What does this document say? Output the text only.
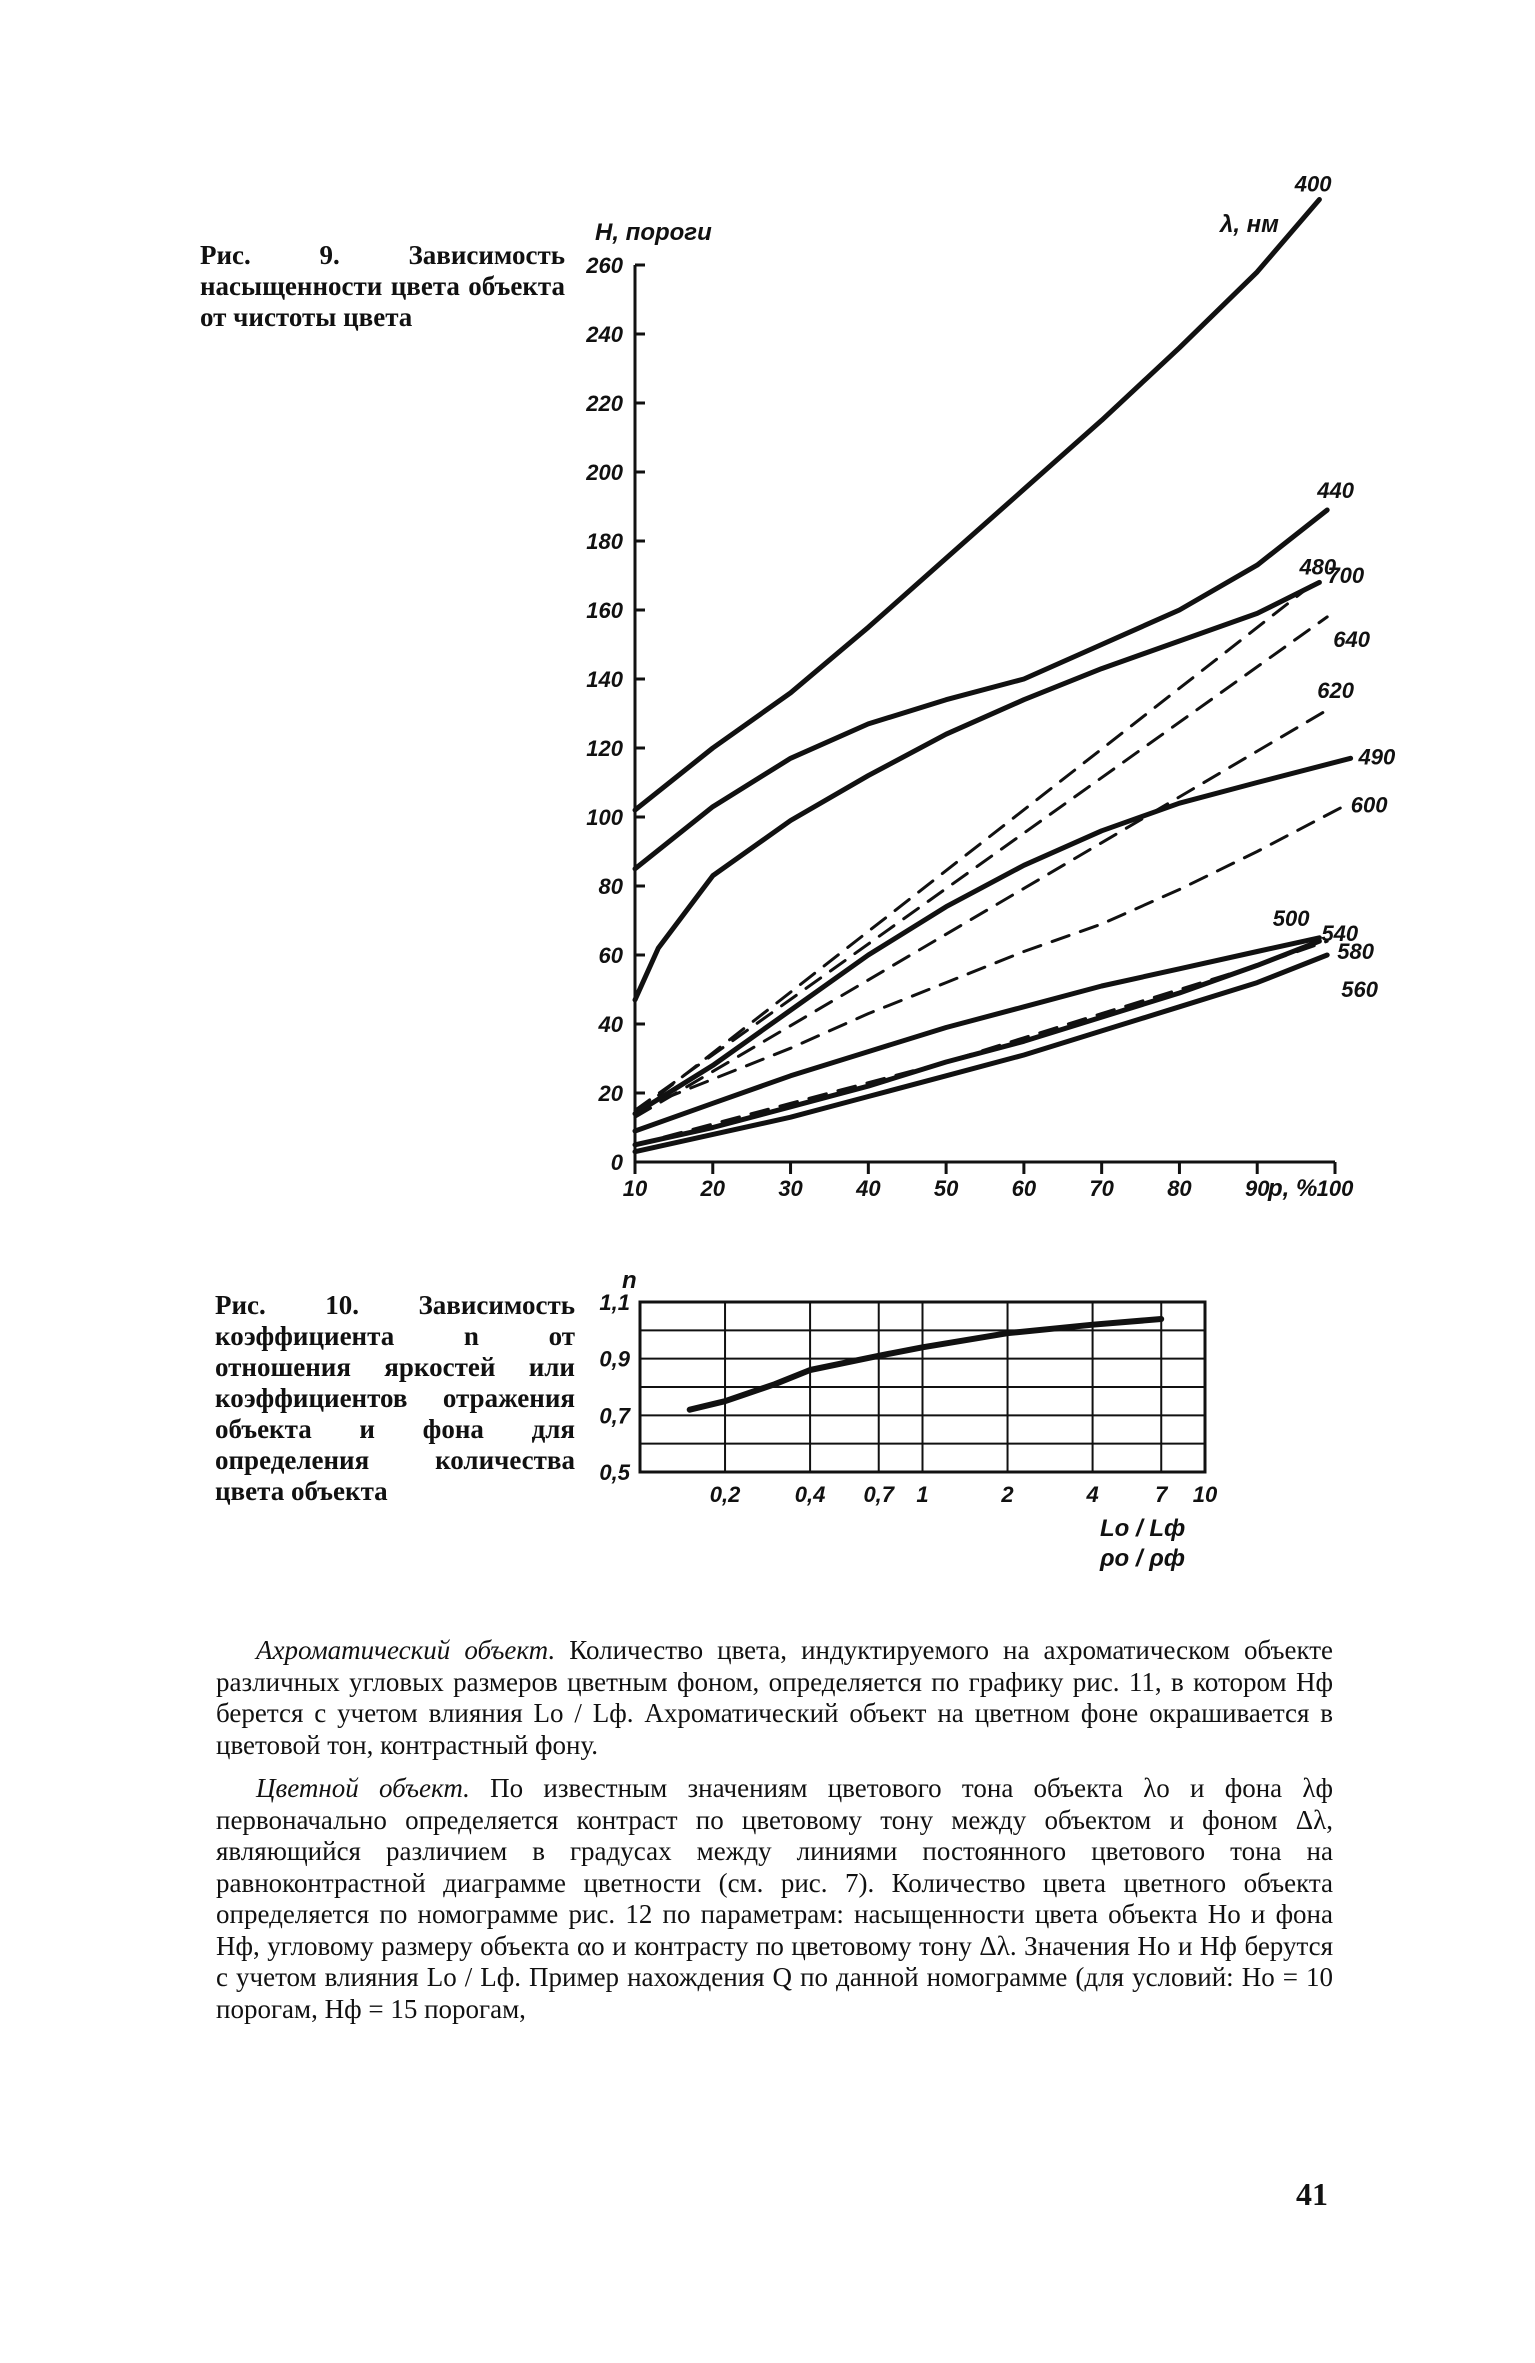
Рис. 9. Зависимость насыщенности цвета объекта от чистоты цвета
Рис. 10. Зависимость коэффициента n от отношения яркостей или коэффициентов отражения объекта и фона для определения количества цвета объекта
Н, пороги
р, %
λ, нм
0
20
40
60
80
100
120
140
160
180
200
220
240
260
10 20 30 40 50 60 70 80 90 100
400
440
480
700
640
620
490
600
500
540
580
560
n
Lо / Lф
ρо / ρф
0,2 0,4 0,7 1	2	4	7 10
1,1
0,9
0,7
0,5

Ахроматический объект. Количество цвета, индуктируемого на ахроматическом объекте различных угловых размеров цветным фоном, определяется по графику рис. 11, в котором Нф берется с учетом влияния Lо / Lф. Ахроматический объект на цветном фоне окрашивается в цветовой тон, контрастный фону.

Цветной объект. По известным значениям цветового тона объекта λо и фона λф первоначально определяется контраст по цветовому тону между объектом и фоном Δλ, являющийся различием в градусах между линиями постоянного цветового тона на равноконтрастной диаграмме цветности (см. рис. 7). Количество цвета цветного объекта определяется по номограмме рис. 12 по параметрам: насыщенности цвета объекта Но и фона Нф, угловому размеру объекта αо и контрасту по цветовому тону Δλ. Значения Но и Нф берутся с учетом влияния Lо / Lф. Пример нахождения Q по данной номограмме (для условий: Но = 10 порогам, Нф = 15 порогам,

41
